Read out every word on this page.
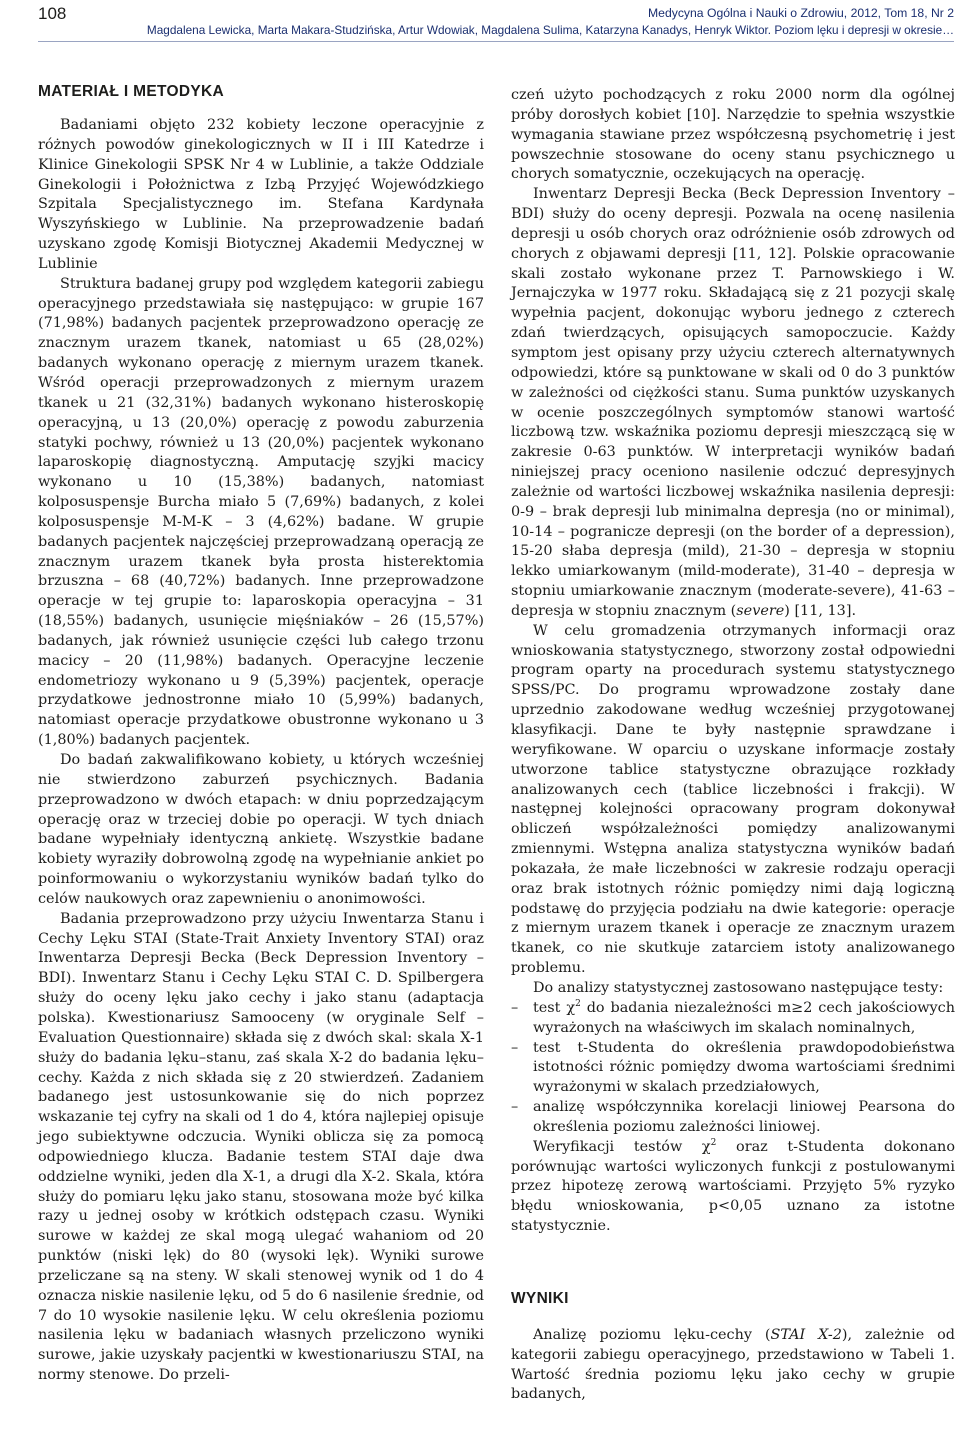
108	Medycyna Ogólna i Nauki o Zdrowiu, 2012, Tom 18, Nr 2
Magdalena Lewicka, Marta Makara-Studzińska, Artur Wdowiak, Magdalena Sulima, Katarzyna Kanadys, Henryk Wiktor. Poziom lęku i depresji w okresie…
MATERIAŁ I METODYKA

Badaniami objęto 232 kobiety leczone operacyjnie z różnych powodów ginekologicznych w II i III Katedrze i Klinice Ginekologii SPSK Nr 4 w Lublinie, a także Oddziale Ginekologii i Położnictwa z Izbą Przyjęć Wojewódzkiego Szpitala Specjalistycznego im. Stefana Kardynała Wyszyńskiego w Lublinie. Na przeprowadzenie badań uzyskano zgodę Komisji Biotycznej Akademii Medycznej w Lublinie

Struktura badanej grupy pod względem kategorii zabiegu operacyjnego przedstawiała się następująco: w grupie 167 (71,98%) badanych pacjentek przeprowadzono operację ze znacznym urazem tkanek, natomiast u 65 (28,02%) badanych wykonano operację z miernym urazem tkanek. Wśród operacji przeprowadzonych z miernym urazem tkanek u 21 (32,31%) badanych wykonano histeroskopię operacyjną, u 13 (20,0%) operację z powodu zaburzenia statyki pochwy, również u 13 (20,0%) pacjentek wykonano laparoskopię diagnostyczną. Amputację szyjki macicy wykonano u 10 (15,38%) badanych, natomiast kolposuspensje Burcha miało 5 (7,69%) badanych, z kolei kolposuspensje M-M-K – 3 (4,62%) badane. W grupie badanych pacjentek najczęściej przeprowadzaną operacją ze znacznym urazem tkanek była prosta histerektomia brzuszna – 68 (40,72%) badanych. Inne przeprowadzone operacje w tej grupie to: laparoskopia operacyjna – 31 (18,55%) badanych, usunięcie mięśniaków – 26 (15,57%) badanych, jak również usunięcie części lub całego trzonu macicy – 20 (11,98%) badanych. Operacyjne leczenie endometriozy wykonano u 9 (5,39%) pacjentek, operacje przydatkowe jednostronne miało 10 (5,99%) badanych, natomiast operacje przydatkowe obustronne wykonano u 3 (1,80%) badanych pacjentek.

Do badań zakwalifikowano kobiety, u których wcześniej nie stwierdzono zaburzeń psychicznych. Badania przeprowadzono w dwóch etapach: w dniu poprzedzającym operację oraz w trzeciej dobie po operacji. W tych dniach badane wypełniały identyczną ankietę. Wszystkie badane kobiety wyraziły dobrowolną zgodę na wypełnianie ankiet po poinformowaniu o wykorzystaniu wyników badań tylko do celów naukowych oraz zapewnieniu o anonimowości.

Badania przeprowadzono przy użyciu Inwentarza Stanu i Cechy Lęku STAI (State-Trait Anxiety Inventory STAI) oraz Inwentarza Depresji Becka (Beck Depression Inventory – BDI). Inwentarz Stanu i Cechy Lęku STAI C. D. Spilbergera służy do oceny lęku jako cechy i jako stanu (adaptacja polska). Kwestionariusz Samooceny (w oryginale Self – Evaluation Questionnaire) składa się z dwóch skal: skala X-1 służy do badania lęku–stanu, zaś skala X-2 do badania lęku–cechy. Każda z nich składa się z 20 stwierdzeń. Zadaniem badanego jest ustosunkowanie się do nich poprzez wskazanie tej cyfry na skali od 1 do 4, która najlepiej opisuje jego subiektywne odczucia. Wyniki oblicza się za pomocą odpowiedniego klucza. Badanie testem STAI daje dwa oddzielne wyniki, jeden dla X-1, a drugi dla X-2. Skala, która służy do pomiaru lęku jako stanu, stosowana może być kilka razy u jednej osoby w krótkich odstępach czasu. Wyniki surowe w każdej ze skal mogą ulegać wahaniom od 20 punktów (niski lęk) do 80 (wysoki lęk). Wyniki surowe przeliczane są na steny. W skali stenowej wynik od 1 do 4 oznacza niskie nasilenie lęku, od 5 do 6 nasilenie średnie, od 7 do 10 wysokie nasilenie lęku. W celu określenia poziomu nasilenia lęku w badaniach własnych przeliczono wyniki surowe, jakie uzyskały pacjentki w kwestionariuszu STAI, na normy stenowe. Do przeli-

czeń użyto pochodzących z roku 2000 norm dla ogólnej próby dorosłych kobiet [10]. Narzędzie to spełnia wszystkie wymagania stawiane przez współczesną psychometrię i jest powszechnie stosowane do oceny stanu psychicznego u chorych somatycznie, oczekujących na operację.

Inwentarz Depresji Becka (Beck Depression Inventory – BDI) służy do oceny depresji. Pozwala na ocenę nasilenia depresji u osób chorych oraz odróżnienie osób zdrowych od chorych z objawami depresji [11, 12]. Polskie opracowanie skali zostało wykonane przez T. Parnowskiego i W. Jernajczyka w 1977 roku. Składającą się z 21 pozycji skalę wypełnia pacjent, dokonując wyboru jednego z czterech zdań twierdzących, opisujących samopoczucie. Każdy symptom jest opisany przy użyciu czterech alternatywnych odpowiedzi, które są punktowane w skali od 0 do 3 punktów w zależności od ciężkości stanu. Suma punktów uzyskanych w ocenie poszczególnych symptomów stanowi wartość liczbową tzw. wskaźnika poziomu depresji mieszczącą się w zakresie 0-63 punktów. W interpretacji wyników badań niniejszej pracy oceniono nasilenie odczuć depresyjnych zależnie od wartości liczbowej wskaźnika nasilenia depresji: 0-9 – brak depresji lub minimalna depresja (no or minimal), 10-14 – pogranicze depresji (on the border of a depression), 15-20 słaba depresja (mild), 21-30 – depresja w stopniu lekko umiarkowanym (mild-moderate), 31-40 – depresja w stopniu umiarkowanie znacznym (moderate-severe), 41-63 – depresja w stopniu znacznym (severe) [11, 13].

W celu gromadzenia otrzymanych informacji oraz wnioskowania statystycznego, stworzony został odpowiedni program oparty na procedurach systemu statystycznego SPSS/PC. Do programu wprowadzone zostały dane uprzednio zakodowane według wcześniej przygotowanej klasyfikacji. Dane te były następnie sprawdzane i weryfikowane. W oparciu o uzyskane informacje zostały utworzone tablice statystyczne obrazujące rozkłady analizowanych cech (tablice liczebności i frakcji). W następnej kolejności opracowany program dokonywał obliczeń współzależności pomiędzy analizowanymi zmiennymi. Wstępna analiza statystyczna wyników badań pokazała, że małe liczebności w zakresie rodzaju operacji oraz brak istotnych różnic pomiędzy nimi dają logiczną podstawę do przyjęcia podziału na dwie kategorie: operacje z miernym urazem tkanek i operacje ze znacznym urazem tkanek, co nie skutkuje zatarciem istoty analizowanego problemu.

Do analizy statystycznej zastosowano następujące testy:

– test $\chi^2$ do badania niezależności m≥2 cech jakościowych wyrażonych na właściwych im skalach nominalnych,
– test t-Studenta do określenia prawdopodobieństwa istotności różnic pomiędzy dwoma wartościami średnimi wyrażonymi w skalach przedziałowych,
– analizę współczynnika korelacji liniowej Pearsona do określenia poziomu zależności liniowej.

Weryfikacji testów $\chi^2$ oraz t-Studenta dokonano porównując wartości wyliczonych funkcji z postulowanymi przez hipotezę zerową wartościami. Przyjęto 5% ryzyko błędu wnioskowania, p<0,05 uznano za istotne statystycznie.

WYNIKI

Analizę poziomu lęku-cechy (STAI X-2), zależnie od kategorii zabiegu operacyjnego, przedstawiono w Tabeli 1. Wartość średnia poziomu lęku jako cechy w grupie badanych,
